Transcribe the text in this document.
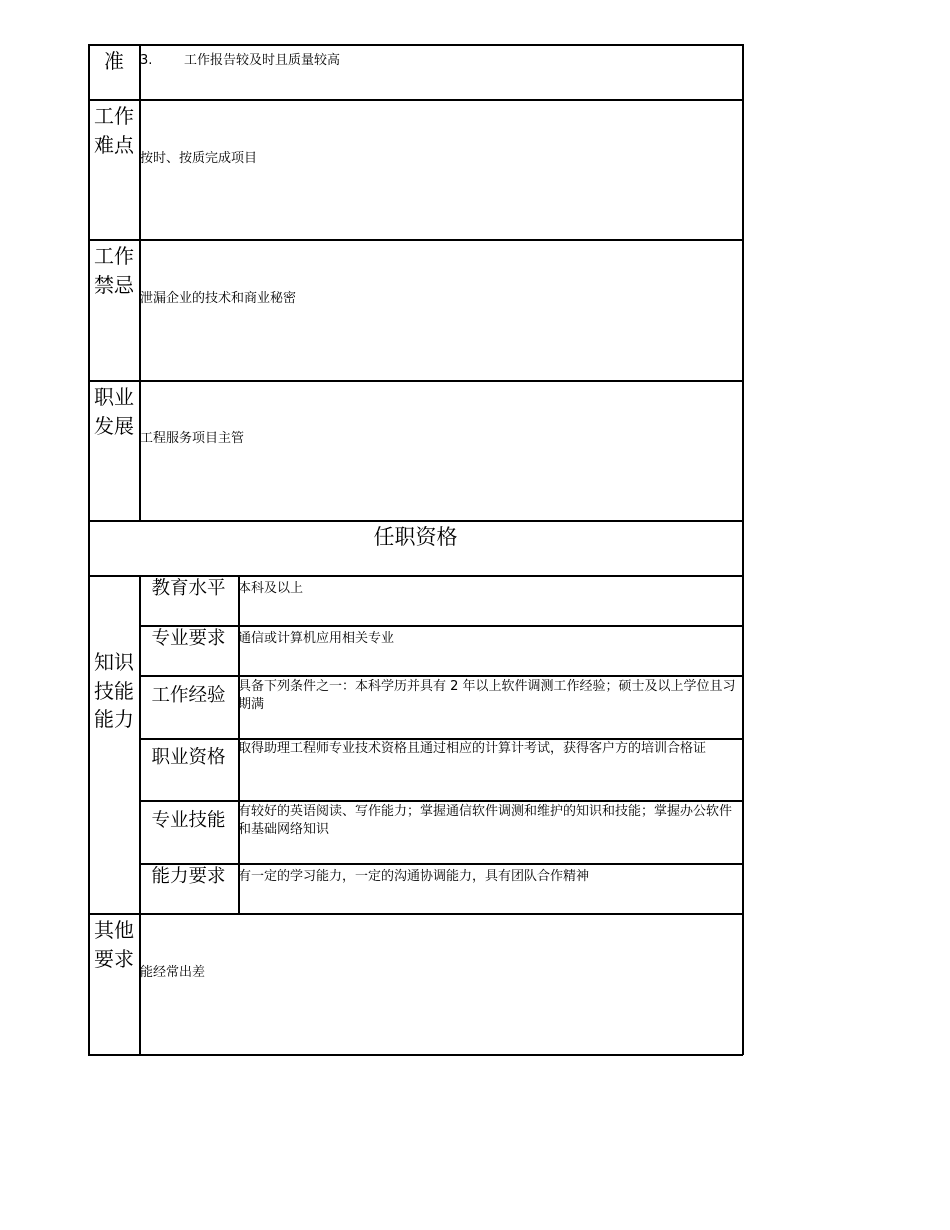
准	3. 工作报告较及时且质量较高
工作难点
按时、按质完成项目
工作禁忌
泄漏企业的技术和商业秘密
职业发展
工程服务项目主管
任职资格
知识技能能力
教育水平 本科及以上
专业要求 通信或计算机应用相关专业
工作经验 具备下列条件之一：本科学历并具有 2 年以上软件调测工作经验；硕士及以上学位且习期满
职业资格 取得助理工程师专业技术资格且通过相应的计算计考试，获得客户方的培训合格证
专业技能 有较好的英语阅读、写作能力；掌握通信软件调测和维护的知识和技能；掌握办公软件和基础网络知识
能力要求 有一定的学习能力，一定的沟通协调能力，具有团队合作精神
其他要求
能经常出差
